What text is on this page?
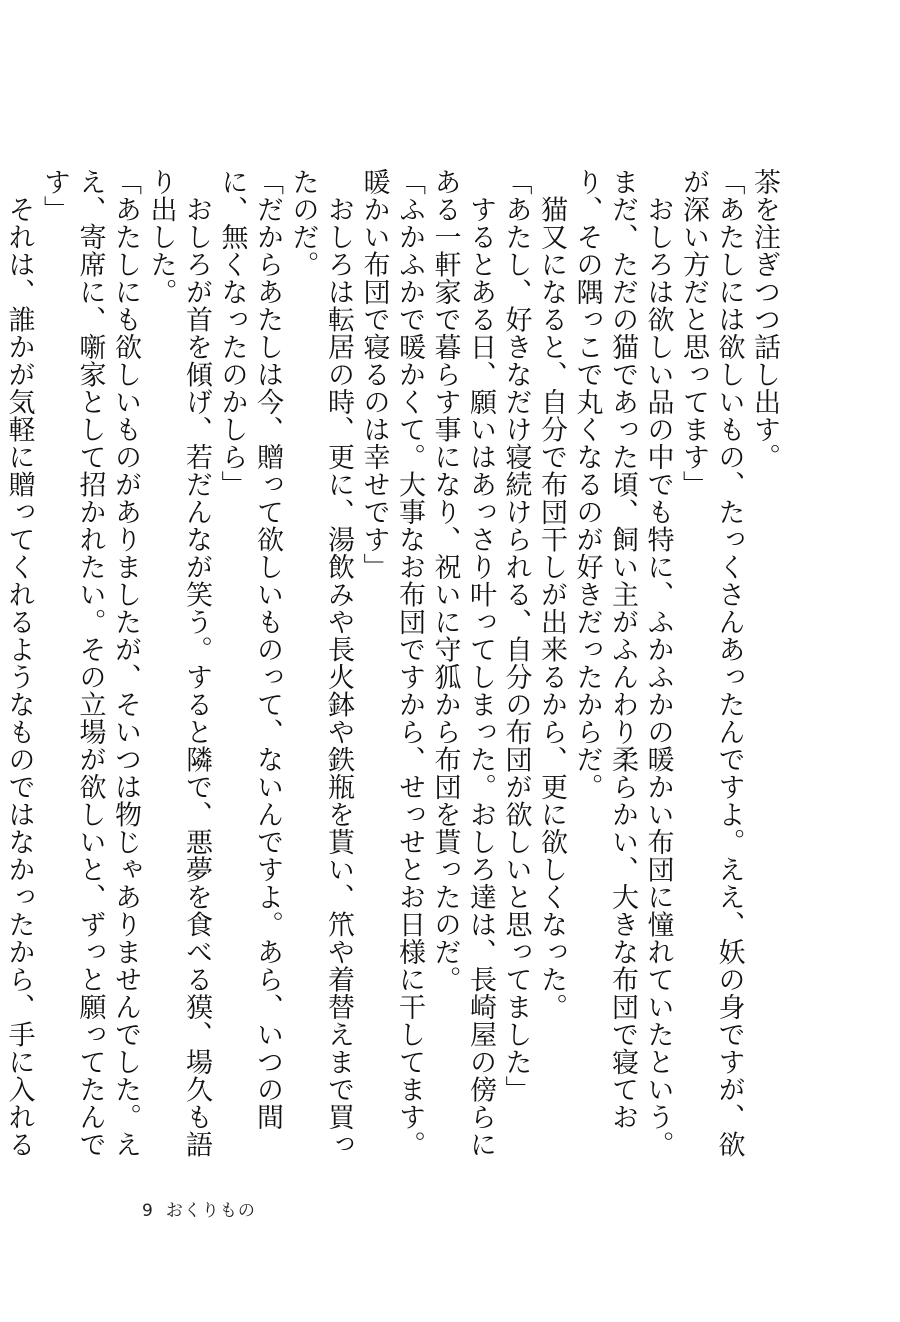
茶を注ぎつつ話し出す。

「あたしには欲しいもの、たっくさんあったんですよ。ええ、妖の身ですが、欲が深い方だと思ってます」

　おしろは欲しい品の中でも特に、ふかふかの暖かい布団に憧れていたという。まだ、ただの猫であった頃、飼い主がふんわり柔らかい、大きな布団で寝ており、その隅っこで丸くなるのが好きだったからだ。

　猫又になると、自分で布団干しが出来るから、更に欲しくなった。

「あたし、好きなだけ寝続けられる、自分の布団が欲しいと思ってました」

　するとある日、願いはあっさり叶ってしまった。おしろ達は、長崎屋の傍らにある一軒家で暮らす事になり、祝いに守狐から布団を貰ったのだ。

「ふかふかで暖かくて。大事なお布団ですから、せっせとお日様に干してます。暖かい布団で寝るのは幸せです」

　おしろは転居の時、更に、湯飲みや長火鉢や鉄瓶を貰い、笊や着替えまで買ったのだ。

「だからあたしは今、贈って欲しいものって、ないんですよ。あら、いつの間に、無くなったのかしら」

　おしろが首を傾げ、若だんなが笑う。すると隣で、悪夢を食べる獏、場久も語り出した。

「あたしにも欲しいものがありましたが、そいつは物じゃありませんでした。ええ、寄席に、噺家として招かれたい。その立場が欲しいと、ずっと願ってたんです」

　それは、誰かが気軽に贈ってくれるようなものではなかったから、手に入れる

9 おくりもの
